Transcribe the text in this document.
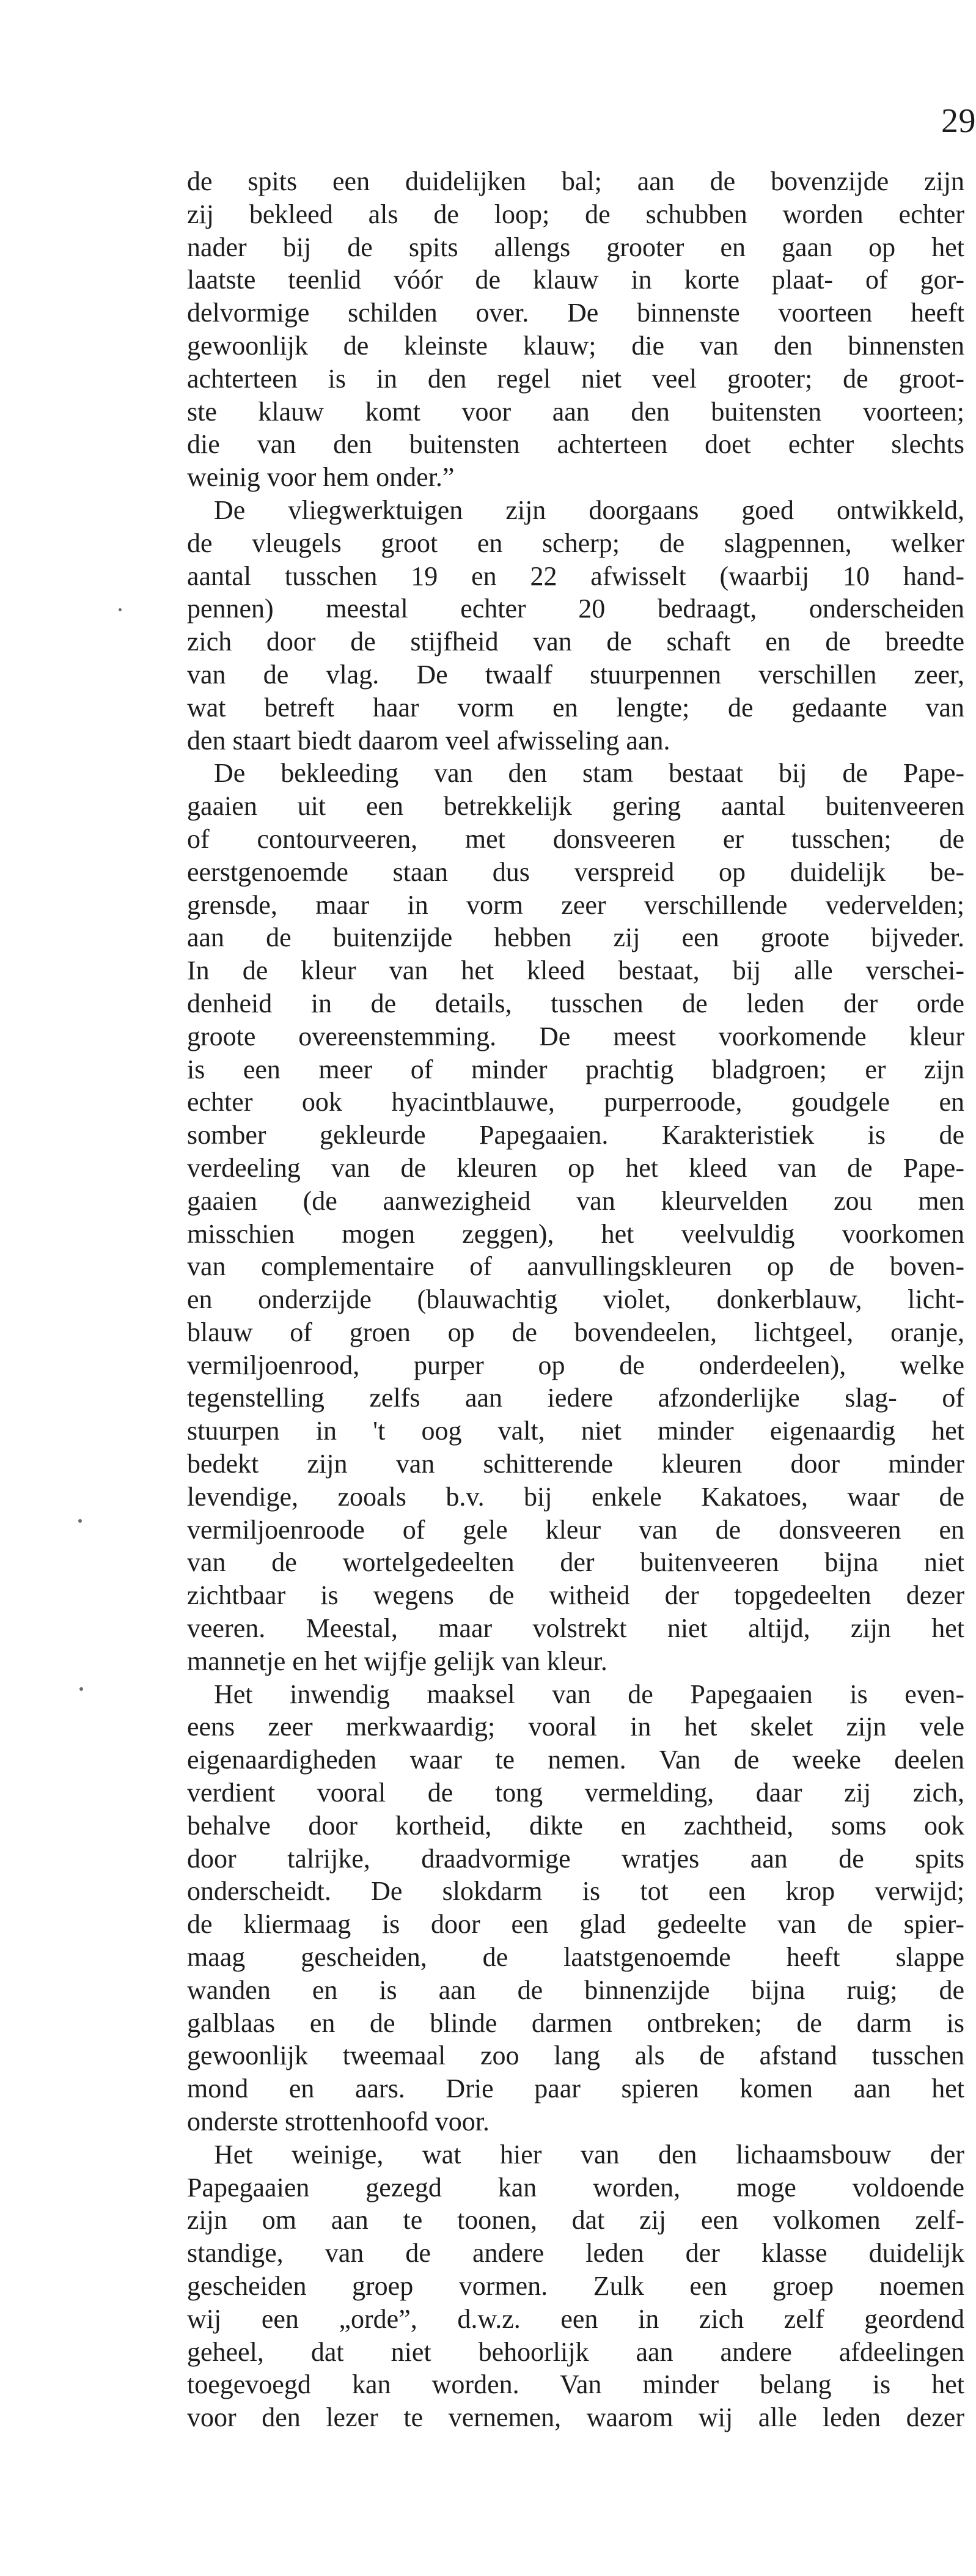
29
de spits een duidelijken bal; aan de bovenzijde zijn
zij bekleed als de loop; de schubben worden echter
nader bij de spits allengs grooter en gaan op het
laatste teenlid vóór de klauw in korte plaat- of gor-
delvormige schilden over. De binnenste voorteen heeft
gewoonlijk de kleinste klauw; die van den binnensten
achterteen is in den regel niet veel grooter; de groot-
ste klauw komt voor aan den buitensten voorteen;
die van den buitensten achterteen doet echter slechts
weinig voor hem onder.”
De vliegwerktuigen zijn doorgaans goed ontwikkeld,
de vleugels groot en scherp; de slagpennen, welker
aantal tusschen 19 en 22 afwisselt (waarbij 10 hand-
pennen) meestal echter 20 bedraagt, onderscheiden
zich door de stijfheid van de schaft en de breedte
van de vlag. De twaalf stuurpennen verschillen zeer,
wat betreft haar vorm en lengte; de gedaante van
den staart biedt daarom veel afwisseling aan.
De bekleeding van den stam bestaat bij de Pape-
gaaien uit een betrekkelijk gering aantal buitenveeren
of contourveeren, met donsveeren er tusschen; de
eerstgenoemde staan dus verspreid op duidelijk be-
grensde, maar in vorm zeer verschillende vedervelden;
aan de buitenzijde hebben zij een groote bijveder.
In de kleur van het kleed bestaat, bij alle verschei-
denheid in de details, tusschen de leden der orde
groote overeenstemming. De meest voorkomende kleur
is een meer of minder prachtig bladgroen; er zijn
echter ook hyacintblauwe, purperroode, goudgele en
somber gekleurde Papegaaien. Karakteristiek is de
verdeeling van de kleuren op het kleed van de Pape-
gaaien (de aanwezigheid van kleurvelden zou men
misschien mogen zeggen), het veelvuldig voorkomen
van complementaire of aanvullingskleuren op de boven-
en onderzijde (blauwachtig violet, donkerblauw, licht-
blauw of groen op de bovendeelen, lichtgeel, oranje,
vermiljoenrood, purper op de onderdeelen), welke
tegenstelling zelfs aan iedere afzonderlijke slag- of
stuurpen in 't oog valt, niet minder eigenaardig het
bedekt zijn van schitterende kleuren door minder
levendige, zooals b.v. bij enkele Kakatoes, waar de
vermiljoenroode of gele kleur van de donsveeren en
van de wortelgedeelten der buitenveeren bijna niet
zichtbaar is wegens de witheid der topgedeelten dezer
veeren. Meestal, maar volstrekt niet altijd, zijn het
mannetje en het wijfje gelijk van kleur.
Het inwendig maaksel van de Papegaaien is even-
eens zeer merkwaardig; vooral in het skelet zijn vele
eigenaardigheden waar te nemen. Van de weeke deelen
verdient vooral de tong vermelding, daar zij zich,
behalve door kortheid, dikte en zachtheid, soms ook
door talrijke, draadvormige wratjes aan de spits
onderscheidt. De slokdarm is tot een krop verwijd;
de kliermaag is door een glad gedeelte van de spier-
maag gescheiden, de laatstgenoemde heeft slappe
wanden en is aan de binnenzijde bijna ruig; de
galblaas en de blinde darmen ontbreken; de darm is
gewoonlijk tweemaal zoo lang als de afstand tusschen
mond en aars. Drie paar spieren komen aan het
onderste strottenhoofd voor.
Het weinige, wat hier van den lichaamsbouw der
Papegaaien gezegd kan worden, moge voldoende
zijn om aan te toonen, dat zij een volkomen zelf-
standige, van de andere leden der klasse duidelijk
gescheiden groep vormen. Zulk een groep noemen
wij een „orde”, d.w.z. een in zich zelf geordend
geheel, dat niet behoorlijk aan andere afdeelingen
toegevoegd kan worden. Van minder belang is het
voor den lezer te vernemen, waarom wij alle leden dezer
